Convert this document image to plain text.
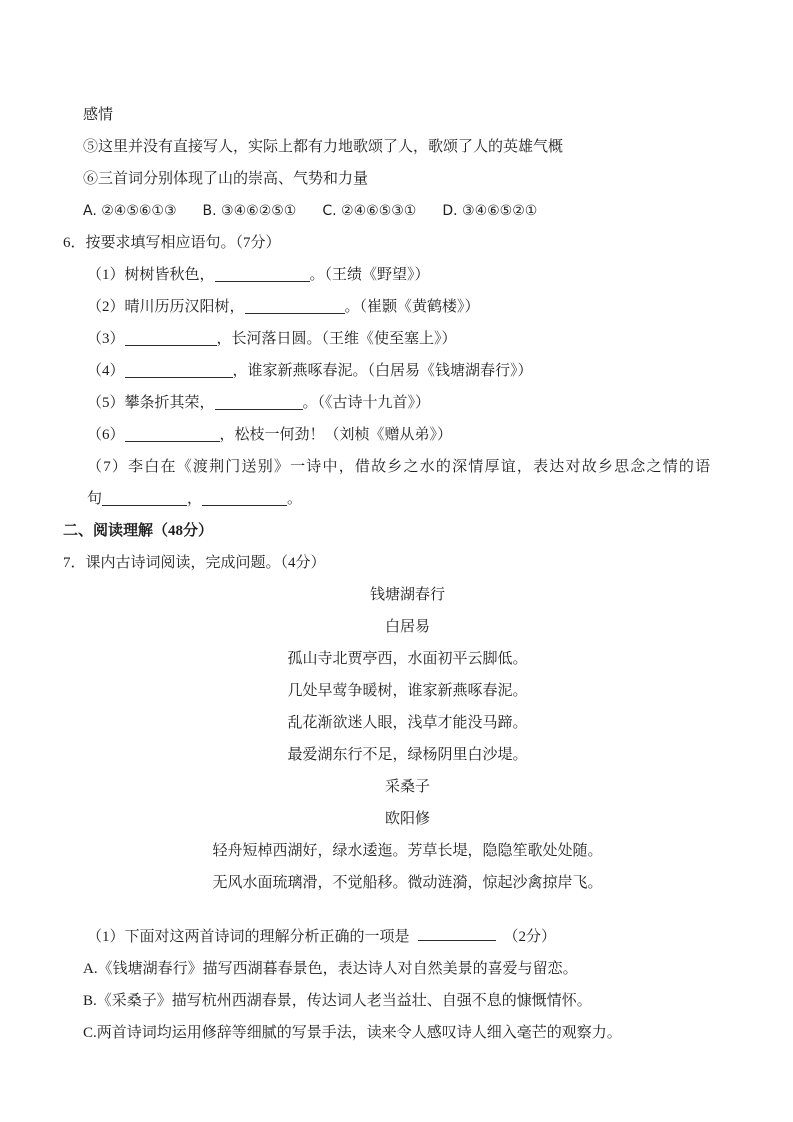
感情
⑤这里并没有直接写人，实际上都有力地歌颂了人，歌颂了人的英雄气概
⑥三首词分别体现了山的崇高、气势和力量
A. ②④⑤⑥①③ B. ③④⑥②⑤① C. ②④⑥⑤③① D. ③④⑥⑤②①
6．按要求填写相应语句。（7分）
（1）树树皆秋色，	。（王绩《野望》）
（2）晴川历历汉阳树，	。（崔颢《黄鹤楼》）
（3）	，长河落日圆。（王维《使至塞上》）
（4）	，谁家新燕啄春泥。（白居易《钱塘湖春行》）
（5）攀条折其荣，	。（《古诗十九首》）
（6）	，松枝一何劲！（刘桢《赠从弟》）
（7）李白在《渡荆门送别》一诗中，借故乡之水的深情厚谊，表达对故乡思念之情的语
句	，	。
二、阅读理解（48分）
7．课内古诗词阅读，完成问题。（4分）
钱塘湖春行
白居易
孤山寺北贾亭西，水面初平云脚低。
几处早莺争暖树，谁家新燕啄春泥。
乱花渐欲迷人眼，浅草才能没马蹄。
最爱湖东行不足，绿杨阴里白沙堤。
采桑子
欧阳修
轻舟短棹西湖好，绿水逶迤。芳草长堤，隐隐笙歌处处随。
无风水面琉璃滑，不觉船移。微动涟漪，惊起沙禽掠岸飞。
（1）下面对这两首诗词的理解分析正确的一项是	（2分）
A.《钱塘湖春行》描写西湖暮春景色，表达诗人对自然美景的喜爱与留恋。
B.《采桑子》描写杭州西湖春景，传达词人老当益壮、自强不息的慷慨情怀。
C.两首诗词均运用修辞等细腻的写景手法，读来令人感叹诗人细入毫芒的观察力。
